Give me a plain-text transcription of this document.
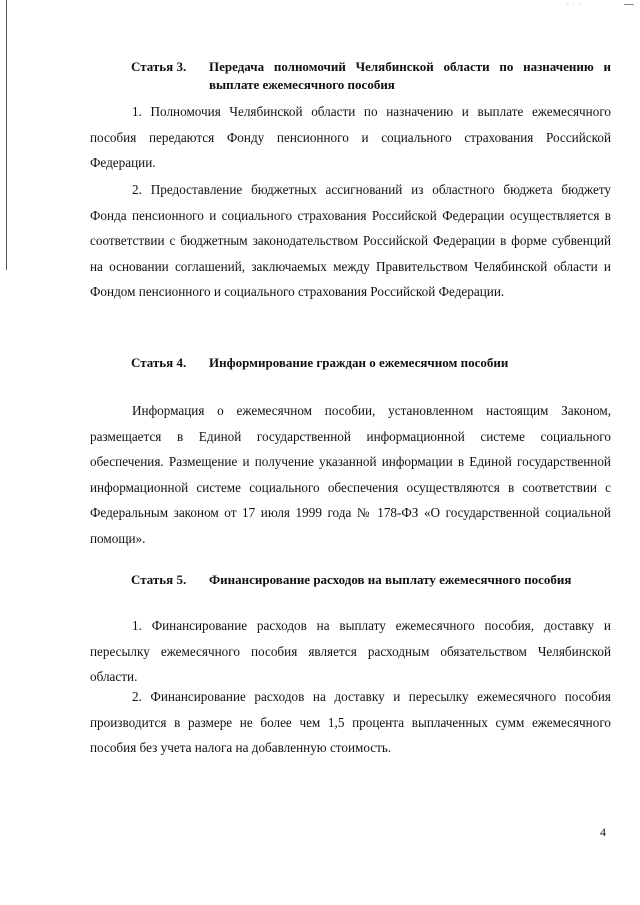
· · ·
Статья 3. Передача полномочий Челябинской области по назначению и выплате ежемесячного пособия

1. Полномочия Челябинской области по назначению и выплате ежемесячного пособия передаются Фонду пенсионного и социального страхования Российской Федерации.

2. Предоставление бюджетных ассигнований из областного бюджета бюджету Фонда пенсионного и социального страхования Российской Федерации осуществляется в соответствии с бюджетным законодательством Российской Федерации в форме субвенций на основании соглашений, заключаемых между Правительством Челябинской области и Фондом пенсионного и социального страхования Российской Федерации.

Статья 4. Информирование граждан о ежемесячном пособии

Информация о ежемесячном пособии, установленном настоящим Законом, размещается в Единой государственной информационной системе социального обеспечения. Размещение и получение указанной информации в Единой государственной информационной системе социального обеспечения осуществляются в соответствии с Федеральным законом от 17 июля 1999 года № 178-ФЗ «О государственной социальной помощи».

Статья 5. Финансирование расходов на выплату ежемесячного пособия

1. Финансирование расходов на выплату ежемесячного пособия, доставку и пересылку ежемесячного пособия является расходным обязательством Челябинской области.

2. Финансирование расходов на доставку и пересылку ежемесячного пособия производится в размере не более чем 1,5 процента выплаченных сумм ежемесячного пособия без учета налога на добавленную стоимость.

4
